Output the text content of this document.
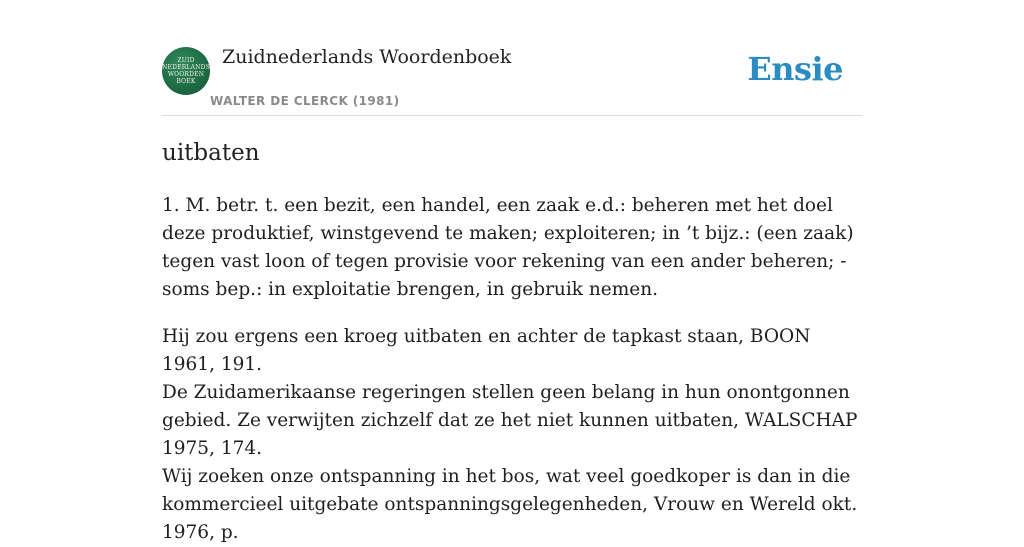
ZUID
NEDERLANDS
WOORDEN
BOEK
Zuidnederlands Woordenboek
WALTER DE CLERCK (1981)
Ensie
uitbaten

1. M. betr. t. een bezit, een handel, een zaak e.d.: beheren met het doel deze produktief, winstgevend te maken; exploiteren; in ’t bijz.: (een zaak) tegen vast loon of tegen provisie voor rekening van een ander beheren; - soms bep.: in exploitatie brengen, in gebruik nemen.

Hij zou ergens een kroeg uitbaten en achter de tapkast staan, BOON 1961, 191.

De Zuidamerikaanse regeringen stellen geen belang in hun onontgonnen gebied. Ze verwijten zichzelf dat ze het niet kunnen uitbaten, WALSCHAP 1975, 174.

Wij zoeken onze ontspanning in het bos, wat veel goedkoper is dan in die kommercieel uitgebate ontspanningsgelegenheden, Vrouw en Wereld okt. 1976, p.
